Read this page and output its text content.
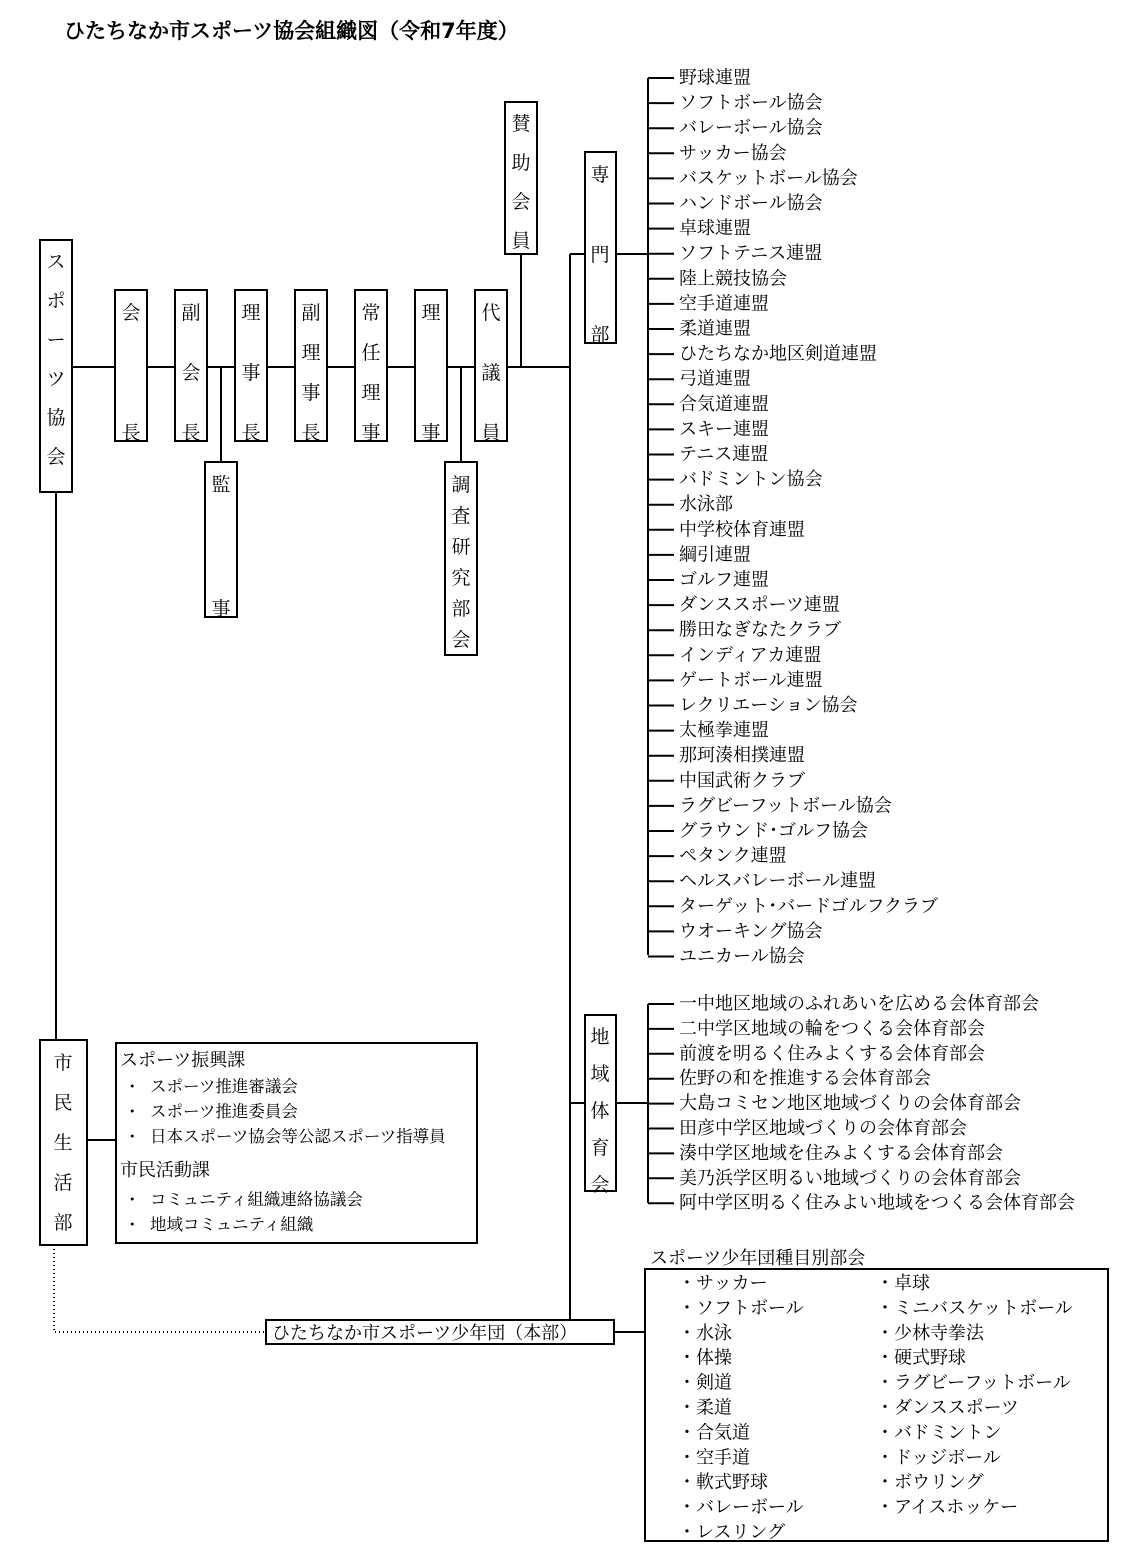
ひたちなか市スポーツ協会組織図（令和7年度）
ス
ポ
ー
ツ
協
会
会
長
副
会
長
理
事
長
副
理
事
長
常
任
理
事
理
事
代
議
員
監
事
調
査
研
究
部
会
賛
助
会
員
専
門
部
地
域
体
育
会
市
民
生
活
部
スポーツ振興課
・ スポーツ推進審議会
・ スポーツ推進委員会
・ 日本スポーツ協会等公認スポーツ指導員
市民活動課
・ コミュニティ組織連絡協議会
・ 地域コミュニティ組織
野球連盟
ソフトボール協会
バレーボール協会
サッカー協会
バスケットボール協会
ハンドボール協会
卓球連盟
ソフトテニス連盟
陸上競技協会
空手道連盟
柔道連盟
ひたちなか地区剣道連盟
弓道連盟
合気道連盟
スキー連盟
テニス連盟
バドミントン協会
水泳部
中学校体育連盟
綱引連盟
ゴルフ連盟
ダンススポーツ連盟
勝田なぎなたクラブ
インディアカ連盟
ゲートボール連盟
レクリエーション協会
太極拳連盟
那珂湊相撲連盟
中国武術クラブ
ラグビーフットボール協会
グラウンド･ゴルフ協会
ペタンク連盟
ヘルスバレーボール連盟
ターゲット･バードゴルフクラブ
ウオーキング協会
ユニカール協会
一中地区地域のふれあいを広める会体育部会
二中学区地域の輪をつくる会体育部会
前渡を明るく住みよくする会体育部会
佐野の和を推進する会体育部会
大島コミセン地区地域づくりの会体育部会
田彦中学区地域づくりの会体育部会
湊中学区地域を住みよくする会体育部会
美乃浜学区明るい地域づくりの会体育部会
阿中学区明るく住みよい地域をつくる会体育部会
ひたちなか市スポーツ少年団（本部）
スポーツ少年団種目別部会
・サッカー
・ソフトボール
・水泳
・体操
・剣道
・柔道
・合気道
・空手道
・軟式野球
・バレーボール
・レスリング
・卓球
・ミニバスケットボール
・少林寺拳法
・硬式野球
・ラグビーフットボール
・ダンススポーツ
・バドミントン
・ドッジボール
・ボウリング
・アイスホッケー
